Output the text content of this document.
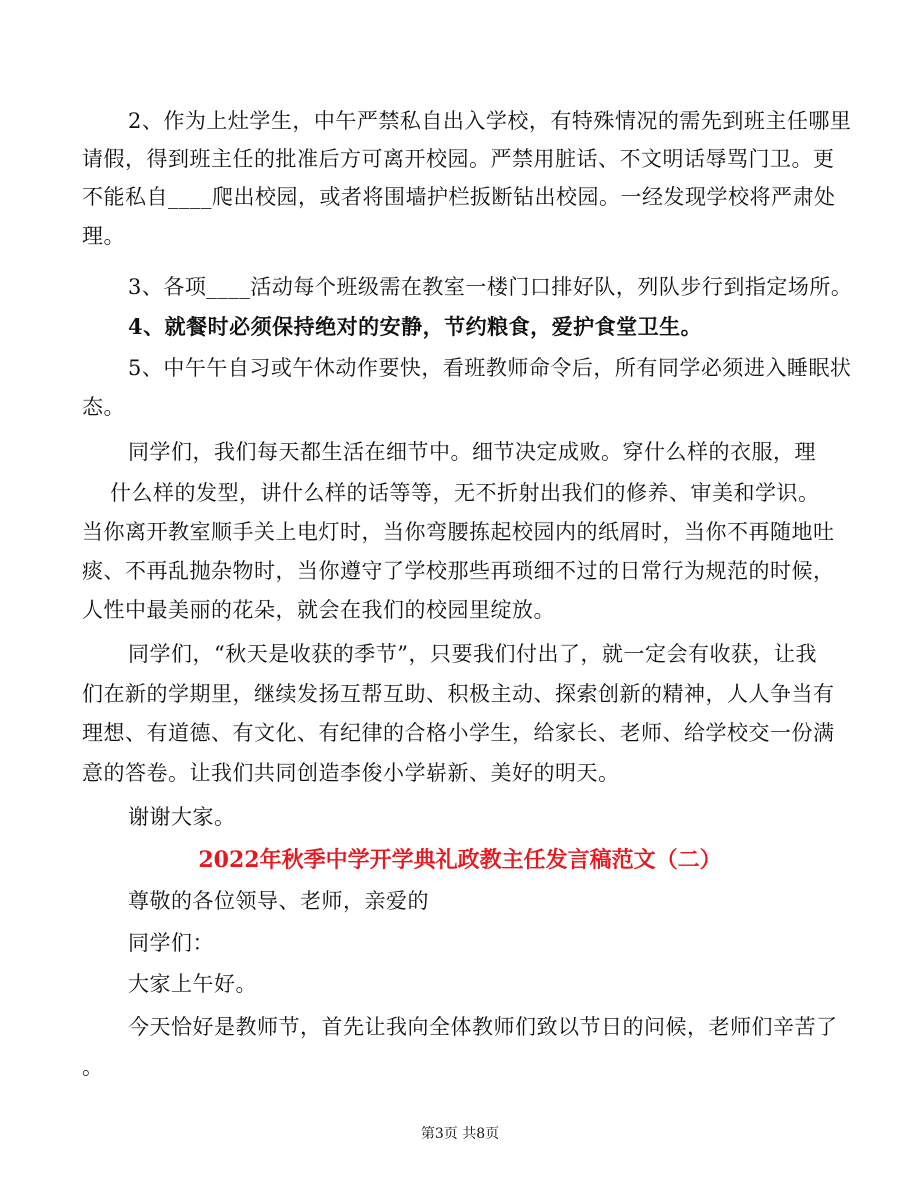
2、作为上灶学生，中午严禁私自出入学校，有特殊情况的需先到班主任哪里
请假，得到班主任的批准后方可离开校园。严禁用脏话、不文明话辱骂门卫。更
不能私自____爬出校园，或者将围墙护栏扳断钻出校园。一经发现学校将严肃处
理。
3、各项____活动每个班级需在教室一楼门口排好队，列队步行到指定场所。
4、就餐时必须保持绝对的安静，节约粮食，爱护食堂卫生。
5、中午午自习或午休动作要快，看班教师命令后，所有同学必须进入睡眠状
态。
同学们，我们每天都生活在细节中。细节决定成败。穿什么样的衣服，理
什么样的发型，讲什么样的话等等，无不折射出我们的修养、审美和学识。
当你离开教室顺手关上电灯时，当你弯腰拣起校园内的纸屑时，当你不再随地吐
痰、不再乱抛杂物时，当你遵守了学校那些再琐细不过的日常行为规范的时候，
人性中最美丽的花朵，就会在我们的校园里绽放。
同学们，“秋天是收获的季节”，只要我们付出了，就一定会有收获，让我
们在新的学期里，继续发扬互帮互助、积极主动、探索创新的精神，人人争当有
理想、有道德、有文化、有纪律的合格小学生，给家长、老师、给学校交一份满
意的答卷。让我们共同创造李俊小学崭新、美好的明天。
谢谢大家。
2022年秋季中学开学典礼政教主任发言稿范文（二）
尊敬的各位领导、老师，亲爱的
同学们：
大家上午好。
今天恰好是教师节，首先让我向全体教师们致以节日的问候，老师们辛苦了
。
第3页 共8页
